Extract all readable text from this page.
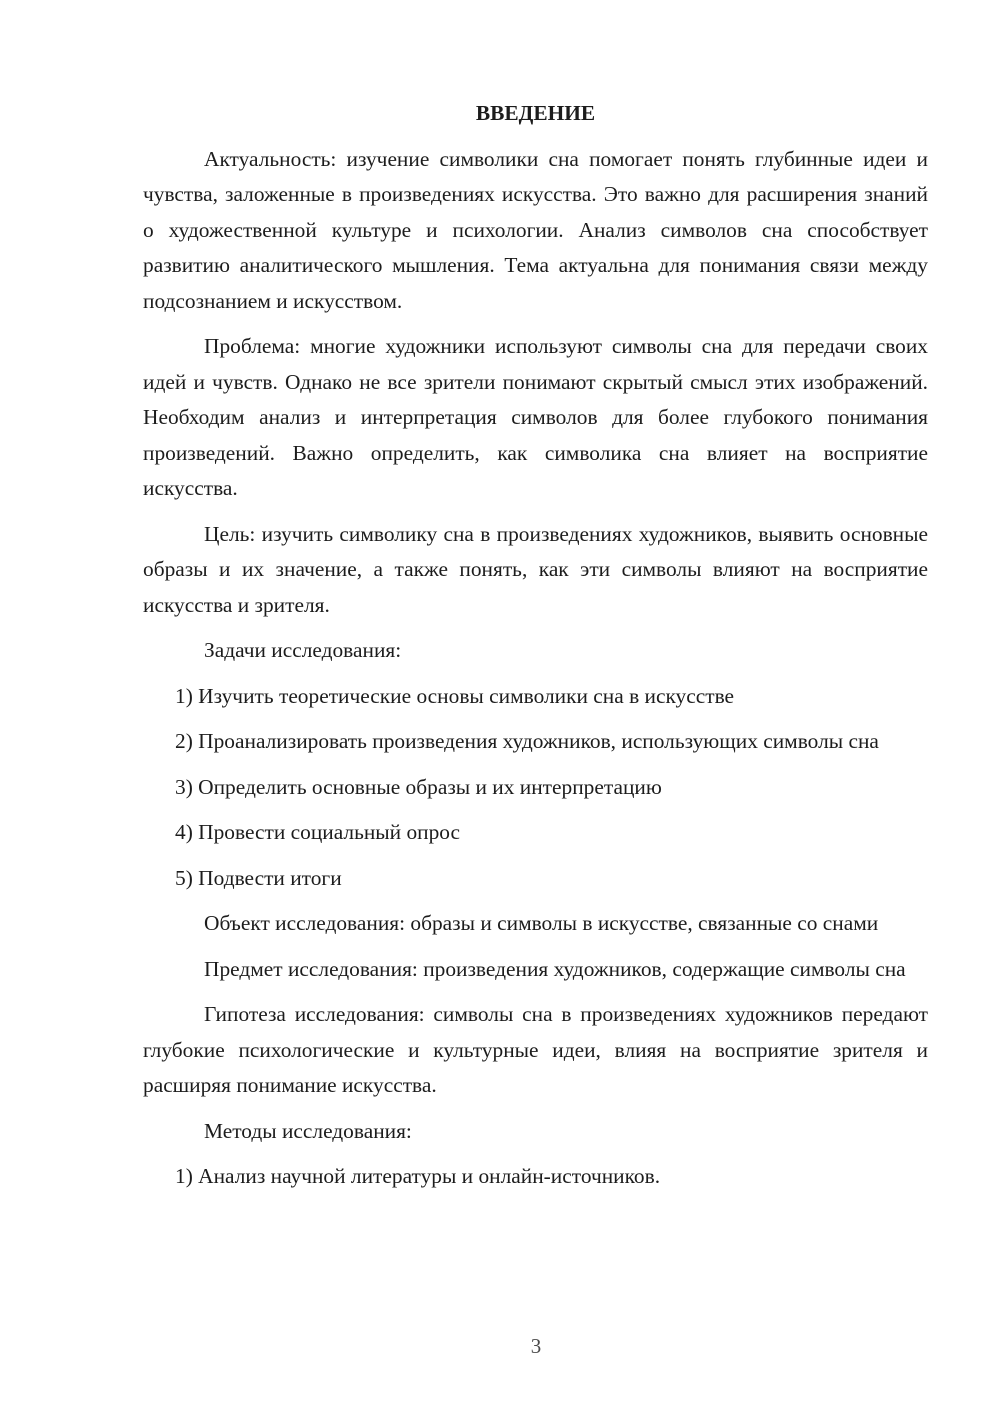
ВВЕДЕНИЕ
Актуальность: изучение символики сна помогает понять глубинные идеи и чувства, заложенные в произведениях искусства. Это важно для расширения знаний о художественной культуре и психологии. Анализ символов сна способствует развитию аналитического мышления. Тема актуальна для понимания связи между подсознанием и искусством.
Проблема: многие художники используют символы сна для передачи своих идей и чувств. Однако не все зрители понимают скрытый смысл этих изображений. Необходим анализ и интерпретация символов для более глубокого понимания произведений. Важно определить, как символика сна влияет на восприятие искусства.
Цель: изучить символику сна в произведениях художников, выявить основные образы и их значение, а также понять, как эти символы влияют на восприятие искусства и зрителя.
Задачи исследования:
1) Изучить теоретические основы символики сна в искусстве
2) Проанализировать произведения художников, использующих символы сна
3) Определить основные образы и их интерпретацию
4) Провести социальный опрос
5) Подвести итоги
Объект исследования: образы и символы в искусстве, связанные со снами
Предмет исследования: произведения художников, содержащие символы сна
Гипотеза исследования: символы сна в произведениях художников передают глубокие психологические и культурные идеи, влияя на восприятие зрителя и расширяя понимание искусства.
Методы исследования:
1) Анализ научной литературы и онлайн-источников.
3
